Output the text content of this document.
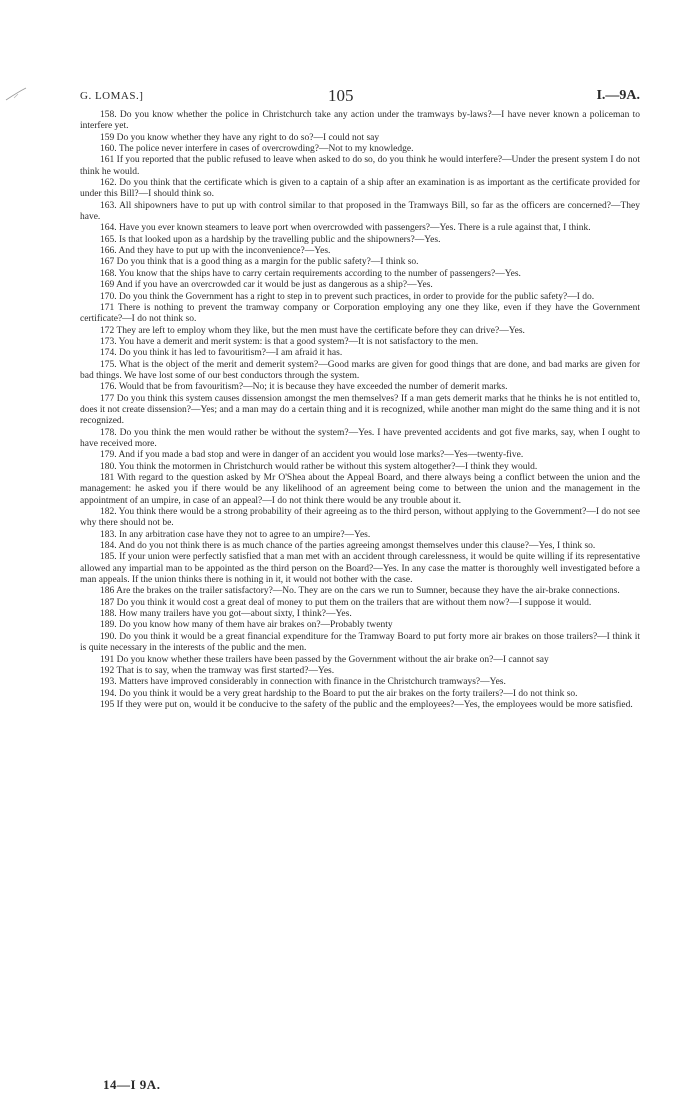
G. LOMAS.]	105	I.—9A.

158. Do you know whether the police in Christchurch take any action under the tramways by-laws?—I have never known a policeman to interfere yet.

159 Do you know whether they have any right to do so?—I could not say

160. The police never interfere in cases of overcrowding?—Not to my knowledge.

161 If you reported that the public refused to leave when asked to do so, do you think he would interfere?—Under the present system I do not think he would.

162. Do you think that the certificate which is given to a captain of a ship after an examination is as important as the certificate provided for under this Bill?—I should think so.

163. All shipowners have to put up with control similar to that proposed in the Tramways Bill, so far as the officers are concerned?—They have.

164. Have you ever known steamers to leave port when overcrowded with passengers?—Yes. There is a rule against that, I think.

165. Is that looked upon as a hardship by the travelling public and the shipowners?—Yes.

166. And they have to put up with the inconvenience?—Yes.

167 Do you think that is a good thing as a margin for the public safety?—I think so.

168. You know that the ships have to carry certain requirements according to the number of passengers?—Yes.

169 And if you have an overcrowded car it would be just as dangerous as a ship?—Yes.

170. Do you think the Government has a right to step in to prevent such practices, in order to provide for the public safety?—I do.

171 There is nothing to prevent the tramway company or Corporation employing any one they like, even if they have the Government certificate?—I do not think so.

172 They are left to employ whom they like, but the men must have the certificate before they can drive?—Yes.

173. You have a demerit and merit system: is that a good system?—It is not satisfactory to the men.

174. Do you think it has led to favouritism?—I am afraid it has.

175. What is the object of the merit and demerit system?—Good marks are given for good things that are done, and bad marks are given for bad things. We have lost some of our best conductors through the system.

176. Would that be from favouritism?—No; it is because they have exceeded the number of demerit marks.

177 Do you think this system causes dissension amongst the men themselves? If a man gets demerit marks that he thinks he is not entitled to, does it not create dissension?—Yes; and a man may do a certain thing and it is recognized, while another man might do the same thing and it is not recognized.

178. Do you think the men would rather be without the system?—Yes. I have prevented accidents and got five marks, say, when I ought to have received more.

179. And if you made a bad stop and were in danger of an accident you would lose marks?—Yes—twenty-five.

180. You think the motormen in Christchurch would rather be without this system altogether?—I think they would.

181 With regard to the question asked by Mr O'Shea about the Appeal Board, and there always being a conflict between the union and the management: he asked you if there would be any likelihood of an agreement being come to between the union and the management in the appointment of an umpire, in case of an appeal?—I do not think there would be any trouble about it.

182. You think there would be a strong probability of their agreeing as to the third person, without applying to the Government?—I do not see why there should not be.

183. In any arbitration case have they not to agree to an umpire?—Yes.

184. And do you not think there is as much chance of the parties agreeing amongst themselves under this clause?—Yes, I think so.

185. If your union were perfectly satisfied that a man met with an accident through carelessness, it would be quite willing if its representative allowed any impartial man to be appointed as the third person on the Board?—Yes. In any case the matter is thoroughly well investigated before a man appeals. If the union thinks there is nothing in it, it would not bother with the case.

186 Are the brakes on the trailer satisfactory?—No. They are on the cars we run to Sumner, because they have the air-brake connections.

187 Do you think it would cost a great deal of money to put them on the trailers that are without them now?—I suppose it would.

188. How many trailers have you got—about sixty, I think?—Yes.

189. Do you know how many of them have air brakes on?—Probably twenty

190. Do you think it would be a great financial expenditure for the Tramway Board to put forty more air brakes on those trailers?—I think it is quite necessary in the interests of the public and the men.

191 Do you know whether these trailers have been passed by the Government without the air brake on?—I cannot say

192 That is to say, when the tramway was first started?—Yes.

193. Matters have improved considerably in connection with finance in the Christchurch tramways?—Yes.

194. Do you think it would be a very great hardship to the Board to put the air brakes on the forty trailers?—I do not think so.

195 If they were put on, would it be conducive to the safety of the public and the employees?—Yes, the employees would be more satisfied.

14—I 9A.
